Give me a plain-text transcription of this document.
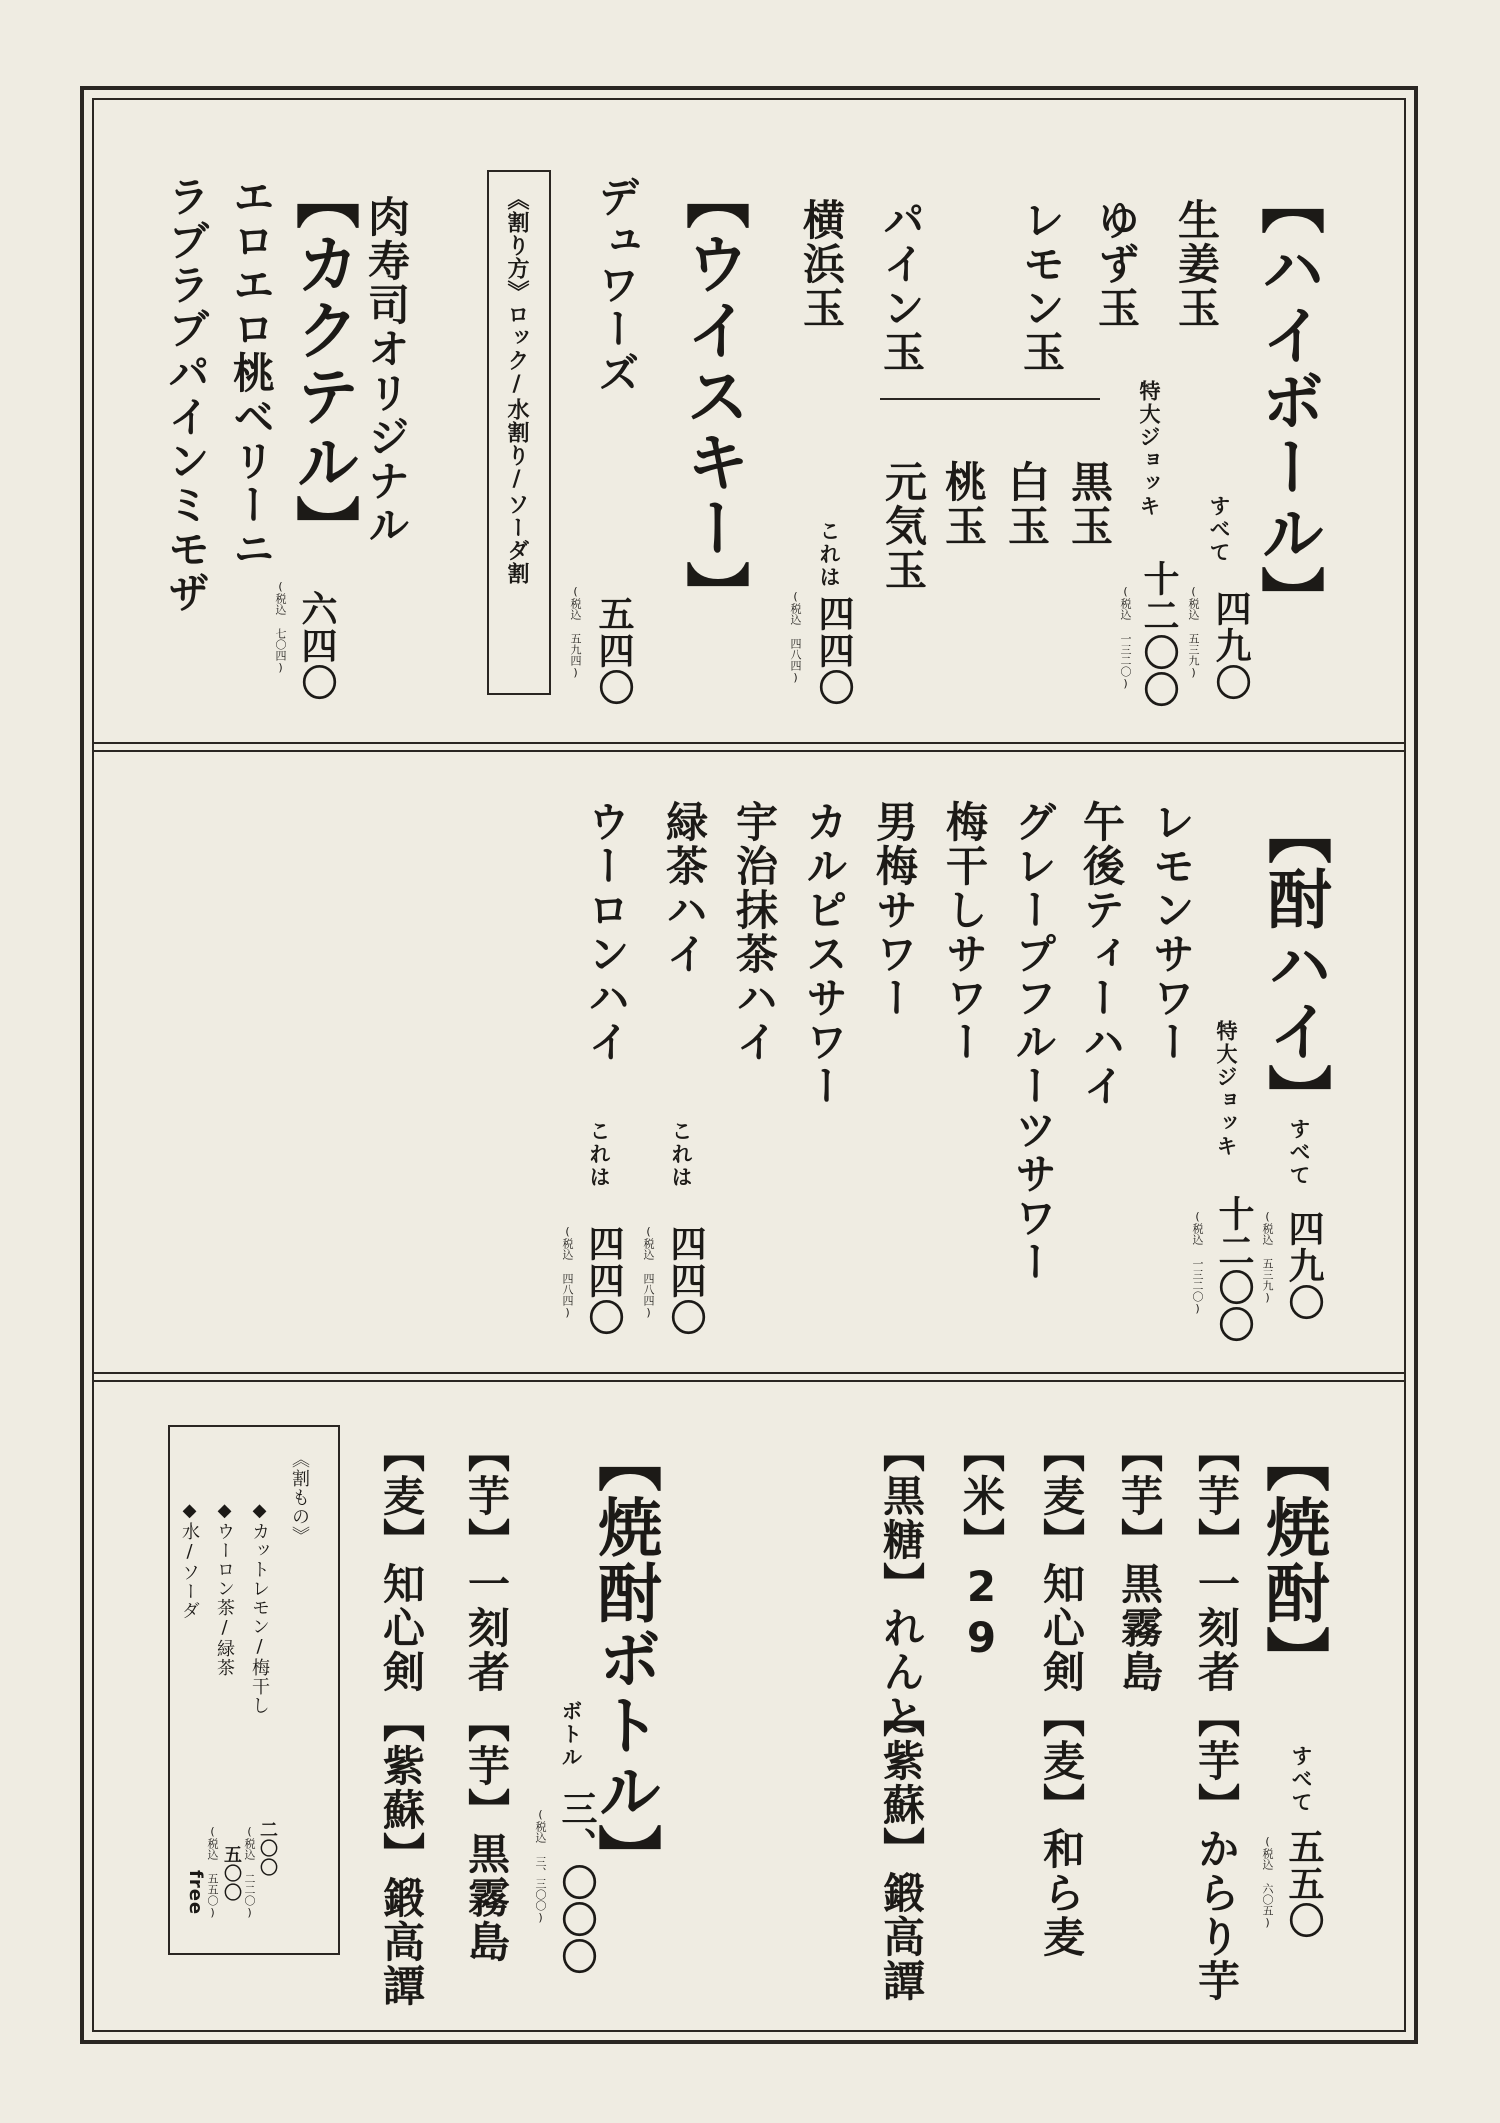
【ハイボール】
生姜玉
ゆず玉
レモン玉
パイン玉
横浜玉
黒玉
白玉
桃玉
元気玉	すべて
(税込 五三九) 四九〇
特大ジョッキ
(税込 一三二〇) 十二〇〇
これは
(税込 四八四) 四四〇
【ウイスキー】
デュワーズ
(税込 五九四) 五四〇
《割り方》ロック/水割り/ソーダ割
肉寿司オリジナル
【カクテル】
エロエロ桃ベリーニ
ラブラブパインミモザ
(税込 七〇四) 六四〇
【酎ハイ】
レモンサワー
午後ティーハイ
グレープフルーツサワー
梅干しサワー
男梅サワー
カルピスサワー
宇治抹茶ハイ
緑茶ハイ
ウーロンハイ
すべて
(税込 五三九) 四九〇
特大ジョッキ
(税込 一三二〇) 十二〇〇
これは
(税込 四八四) 四四〇
これは
(税込 四八四) 四四〇
【焼酎】
【芋】一刻者
【芋】からり芋
【芋】黒霧島
【麦】知心剣
【麦】和ら麦
【米】29
【黒糖】れんと
【紫蘇】鍛高譚	すべて
(税込 六〇五) 五五〇
【焼酎ボトル】
ボトル
(税込 三、三〇〇) 三、〇〇〇
【芋】一刻者
【芋】黒霧島
【麦】知心剣
【紫蘇】鍛高譚
《割もの》
◆カットレモン/梅干し
◆ウーロン茶/緑茶
◆水/ソーダ
二〇〇
(税込 二二〇)
五〇〇
(税込 五五〇)
free
